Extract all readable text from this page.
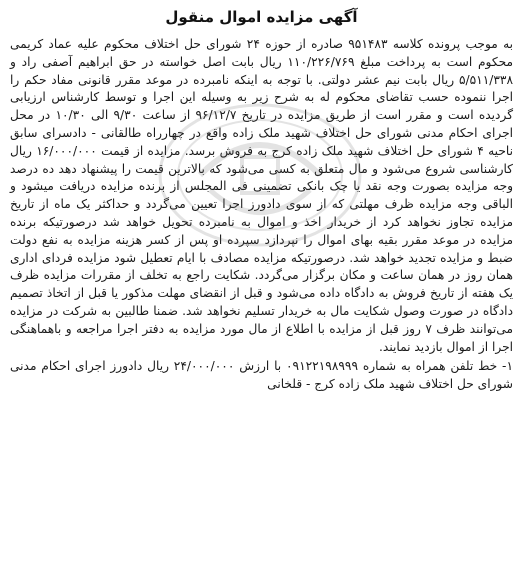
آگهی مزایده اموال منقول

به موجب پرونده کلاسه ۹۵۱۴۸۳ صادره از حوزه ۲۴ شورای حل اختلاف محکوم علیه عماد کریمی محکوم است به پرداخت مبلغ ۱۱۰/۲۲۶/۷۶۹ ریال بابت اصل خواسته در حق ابراهیم آصفی راد و ۵/۵۱۱/۳۳۸ ریال بابت نیم عشر دولتی. با توجه به اینکه نامبرده در موعد مقرر قانونی مفاد حکم را اجرا ننموده حسب تقاضای محکوم له به شرح زیر به وسیله این اجرا و توسط کارشناس ارزیابی گردیده است و مقرر است از طریق مزایده در تاریخ ۹۶/۱۲/۷ از ساعت ۹/۳۰ الی ۱۰/۳۰ در محل اجرای احکام مدنی شورای حل اختلاف شهید ملک زاده واقع در چهارراه طالقانی - دادسرای سابق ناحیه ۴ شورای حل اختلاف شهید ملک زاده کرج به فروش برسد. مزایده از قیمت ۱۶/۰۰۰/۰۰۰ ریال کارشناسی شروع می‌شود و مال متعلق به کسی می‌شود که بالاترین قیمت را پیشنهاد دهد ده درصد وجه مزایده بصورت وجه نقد یا چک بانکی تضمینی فی المجلس از برنده مزایده دریافت میشود و الباقی وجه مزایده ظرف مهلتی که از سوی دادورز اجرا تعیین می‌گردد و حداکثر یک ماه از تاریخ مزایده تجاوز نخواهد کرد از خریدار اخذ و اموال به نامبرده تحویل خواهد شد درصورتیکه برنده مزایده در موعد مقرر بقیه بهای اموال را نپردازد سپرده او پس از کسر هزینه مزایده به نفع دولت ضبط و مزایده تجدید خواهد شد. درصورتیکه مزایده مصادف با ایام تعطیل شود مزایده فردای اداری همان روز در همان ساعت و مکان برگزار می‌گردد. شکایت راجع به تخلف از مقررات مزایده ظرف یک هفته از تاریخ فروش به دادگاه داده می‌شود و قبل از انقضای مهلت مذکور یا قبل از اتخاذ تصمیم دادگاه در صورت وصول شکایت مال به خریدار تسلیم نخواهد شد. ضمنا طالبین به شرکت در مزایده می‌توانند ظرف ۷ روز قبل از مزایده با اطلاع از مال مورد مزایده به دفتر اجرا مراجعه و باهماهنگی اجرا از اموال بازدید نمایند.

۱- خط تلفن همراه به شماره ۰۹۱۲۲۱۹۸۹۹۹ با ارزش ۲۴/۰۰۰/۰۰۰ ریال دادورز اجرای احکام مدنی شورای حل اختلاف شهید ملک زاده کرج - قلخانی
